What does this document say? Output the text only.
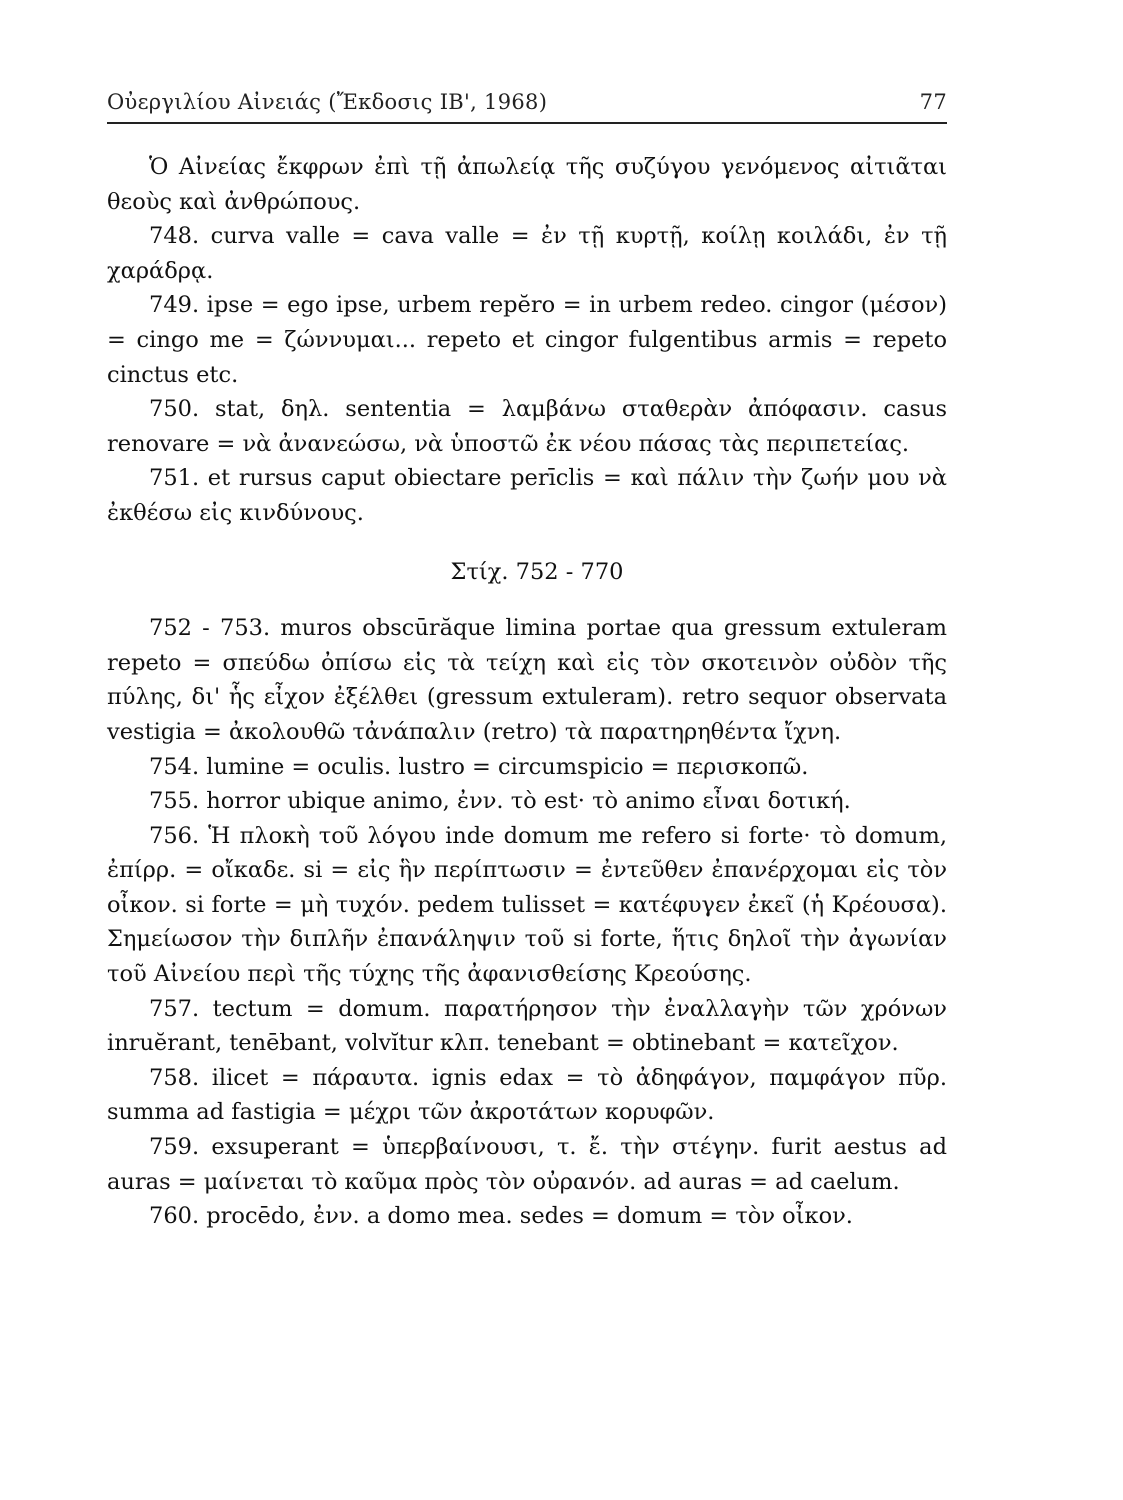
Οὐεργιλίου Αἰνειάς (Ἔκδοσις ΙΒ', 1968)	77

Ὁ Αἰνείας ἔκφρων ἐπὶ τῇ ἀπωλείᾳ τῆς συζύγου γενόμενος αἰτιᾶται θεοὺς καὶ ἀνθρώπους.

748. curva valle = cava valle = ἐν τῇ κυρτῇ, κοίλῃ κοιλάδι, ἐν τῇ χαράδρᾳ.

749. ipse = ego ipse, urbem repĕro = in urbem redeo. cingor (μέσον) = cingo me = ζώννυμαι... repeto et cingor fulgentibus armis = repeto cinctus etc.

750. stat, δηλ. sententia = λαμβάνω σταθερὰν ἀπόφασιν. casus renovare = νὰ ἀνανεώσω, νὰ ὑποστῶ ἐκ νέου πάσας τὰς περιπετείας.

751. et rursus caput obiectare perīclis = καὶ πάλιν τὴν ζωήν μου νὰ ἐκθέσω εἰς κινδύνους.

Στίχ. 752 - 770

752 - 753. muros obscūrăque limina portae qua gressum extuleram repeto = σπεύδω ὀπίσω εἰς τὰ τείχη καὶ εἰς τὸν σκοτεινὸν οὐδὸν τῆς πύλης, δι' ἧς εἶχον ἐξέλθει (gressum extuleram). retro sequor observata vestigia = ἀκολουθῶ τἀνάπαλιν (retro) τὰ παρατηρηθέντα ἴχνη.

754. lumine = oculis. lustro = circumspicio = περισκοπῶ.

755. horror ubique animo, ἐνν. τὸ est· τὸ animo εἶναι δοτική.

756. Ἡ πλοκὴ τοῦ λόγου inde domum me refero si forte· τὸ domum, ἐπίρρ. = οἴκαδε. si = εἰς ἣν περίπτωσιν = ἐντεῦθεν ἐπανέρχομαι εἰς τὸν οἶκον. si forte = μὴ τυχόν. pedem tulisset = κατέφυγεν ἐκεῖ (ἡ Κρέουσα). Σημείωσον τὴν διπλῆν ἐπανάληψιν τοῦ si forte, ἥτις δηλοῖ τὴν ἀγωνίαν τοῦ Αἰνείου περὶ τῆς τύχης τῆς ἀφανισθείσης Κρεούσης.

757. tectum = domum. παρατήρησον τὴν ἐναλλαγὴν τῶν χρόνων inruĕrant, tenēbant, volvĭtur κλπ. tenebant = obtinebant = κατεῖχον.

758. ilicet = πάραυτα. ignis edax = τὸ ἀδηφάγον, παμφάγον πῦρ. summa ad fastigia = μέχρι τῶν ἀκροτάτων κορυφῶν.

759. exsuperant = ὑπερβαίνουσι, τ. ἔ. τὴν στέγην. furit aestus ad auras = μαίνεται τὸ καῦμα πρὸς τὸν οὐρανόν. ad auras = ad caelum.

760. procēdo, ἐνν. a domo mea. sedes = domum = τὸν οἶκον.
